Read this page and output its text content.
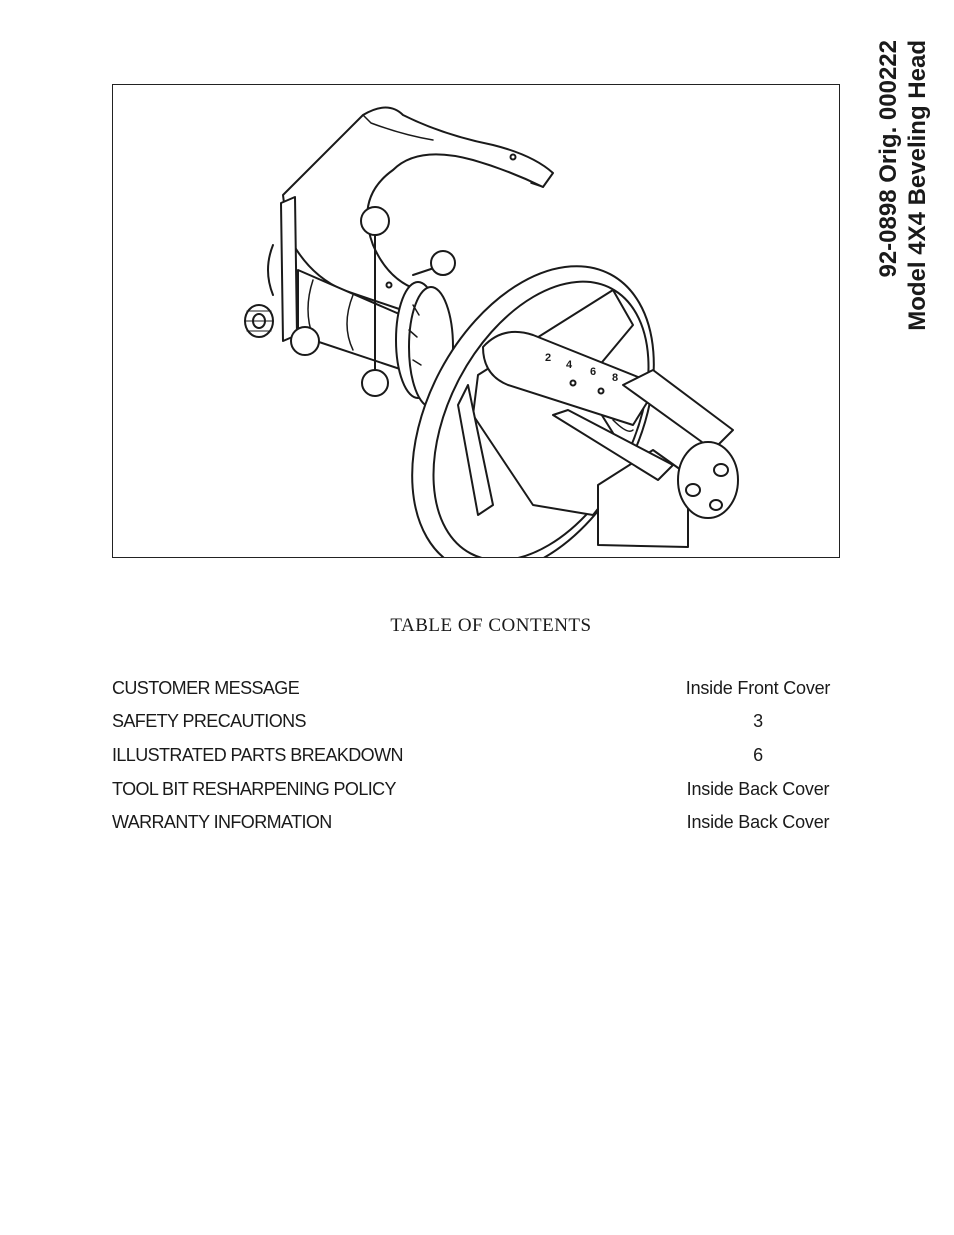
92-0898 Orig. 000222 Model 4X4 Beveling Head
2
4
6 8
TABLE OF CONTENTS
CUSTOMER MESSAGE	Inside Front Cover
SAFETY PRECAUTIONS	3
ILLUSTRATED PARTS BREAKDOWN	6
TOOL BIT RESHARPENING POLICY	Inside Back Cover
WARRANTY INFORMATION	Inside Back Cover
